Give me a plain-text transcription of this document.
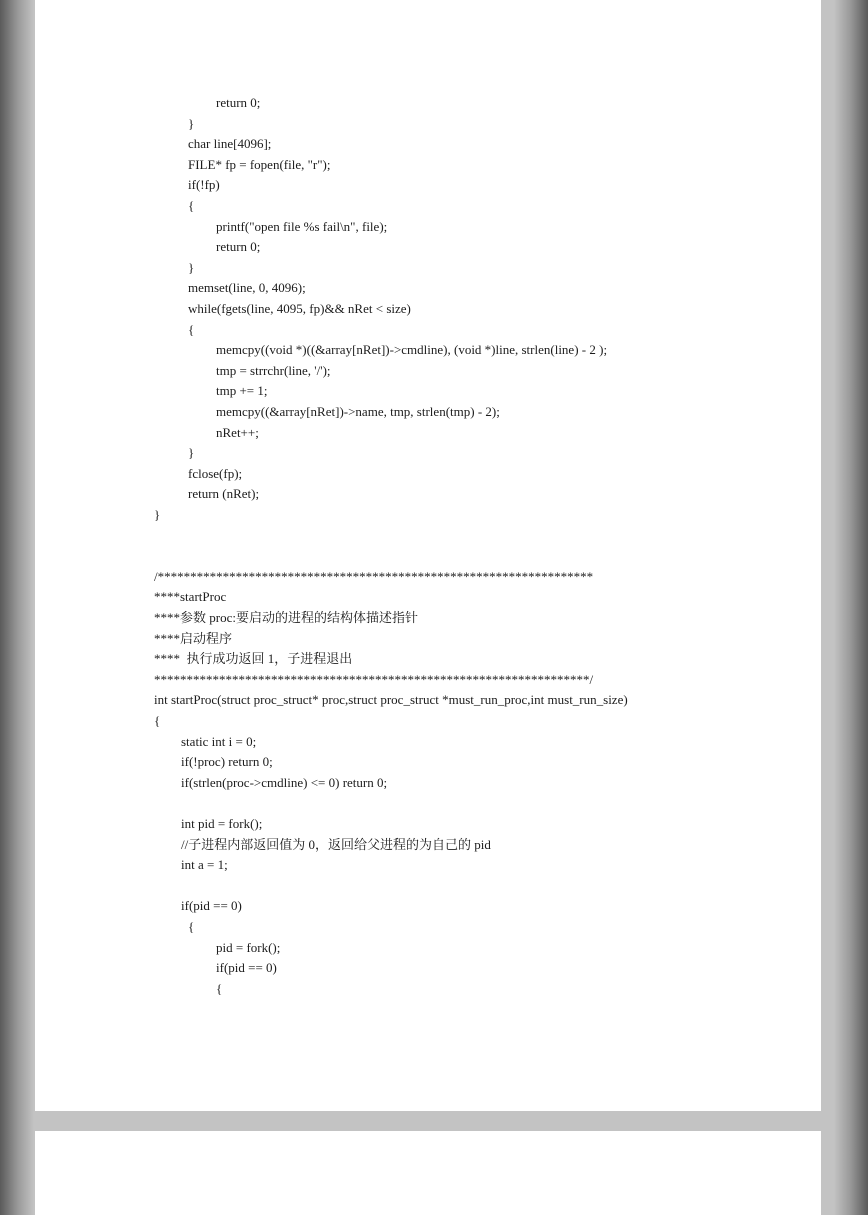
return 0;
}
char line[4096];
FILE* fp = fopen(file, "r");
if(!fp)
{
printf("open file %s fail\n", file);
return 0;
}
memset(line, 0, 4096);
while(fgets(line, 4095, fp)&& nRet < size)
{
memcpy((void *)((&array[nRet])->cmdline), (void *)line, strlen(line) - 2 );
tmp = strrchr(line, '/');
tmp += 1;
memcpy((&array[nRet])->name, tmp, strlen(tmp) - 2);
nRet++;
}
fclose(fp);
return (nRet);
}
/*******************************************************************
****startProc
****参数 proc:要启动的进程的结构体描述指针
****启动程序
****  执行成功返回 1，子进程退出
*******************************************************************/
int startProc(struct proc_struct* proc,struct proc_struct *must_run_proc,int must_run_size)
{
static int i = 0;
if(!proc) return 0;
if(strlen(proc->cmdline) <= 0) return 0;
int pid = fork();
//子进程内部返回值为 0，返回给父进程的为自己的 pid
int a = 1;
if(pid == 0)
{
pid = fork();
if(pid == 0)
{
